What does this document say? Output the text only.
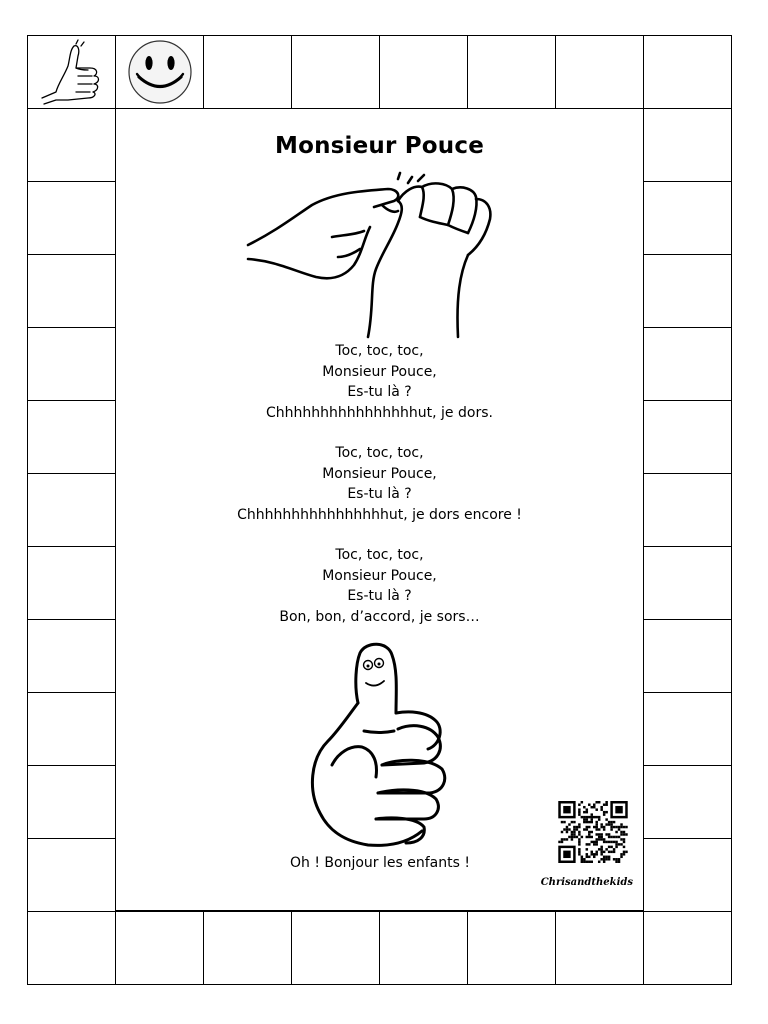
Monsieur Pouce
Toc, toc, toc,
Monsieur Pouce,
Es-tu là ?
Chhhhhhhhhhhhhhhhut, je dors.
Toc, toc, toc,
Monsieur Pouce,
Es-tu là ?
Chhhhhhhhhhhhhhhhut, je dors encore !
Toc, toc, toc,
Monsieur Pouce,
Es-tu là ?
Bon, bon, d’accord, je sors…
Oh ! Bonjour les enfants !
Chrisandthekids
